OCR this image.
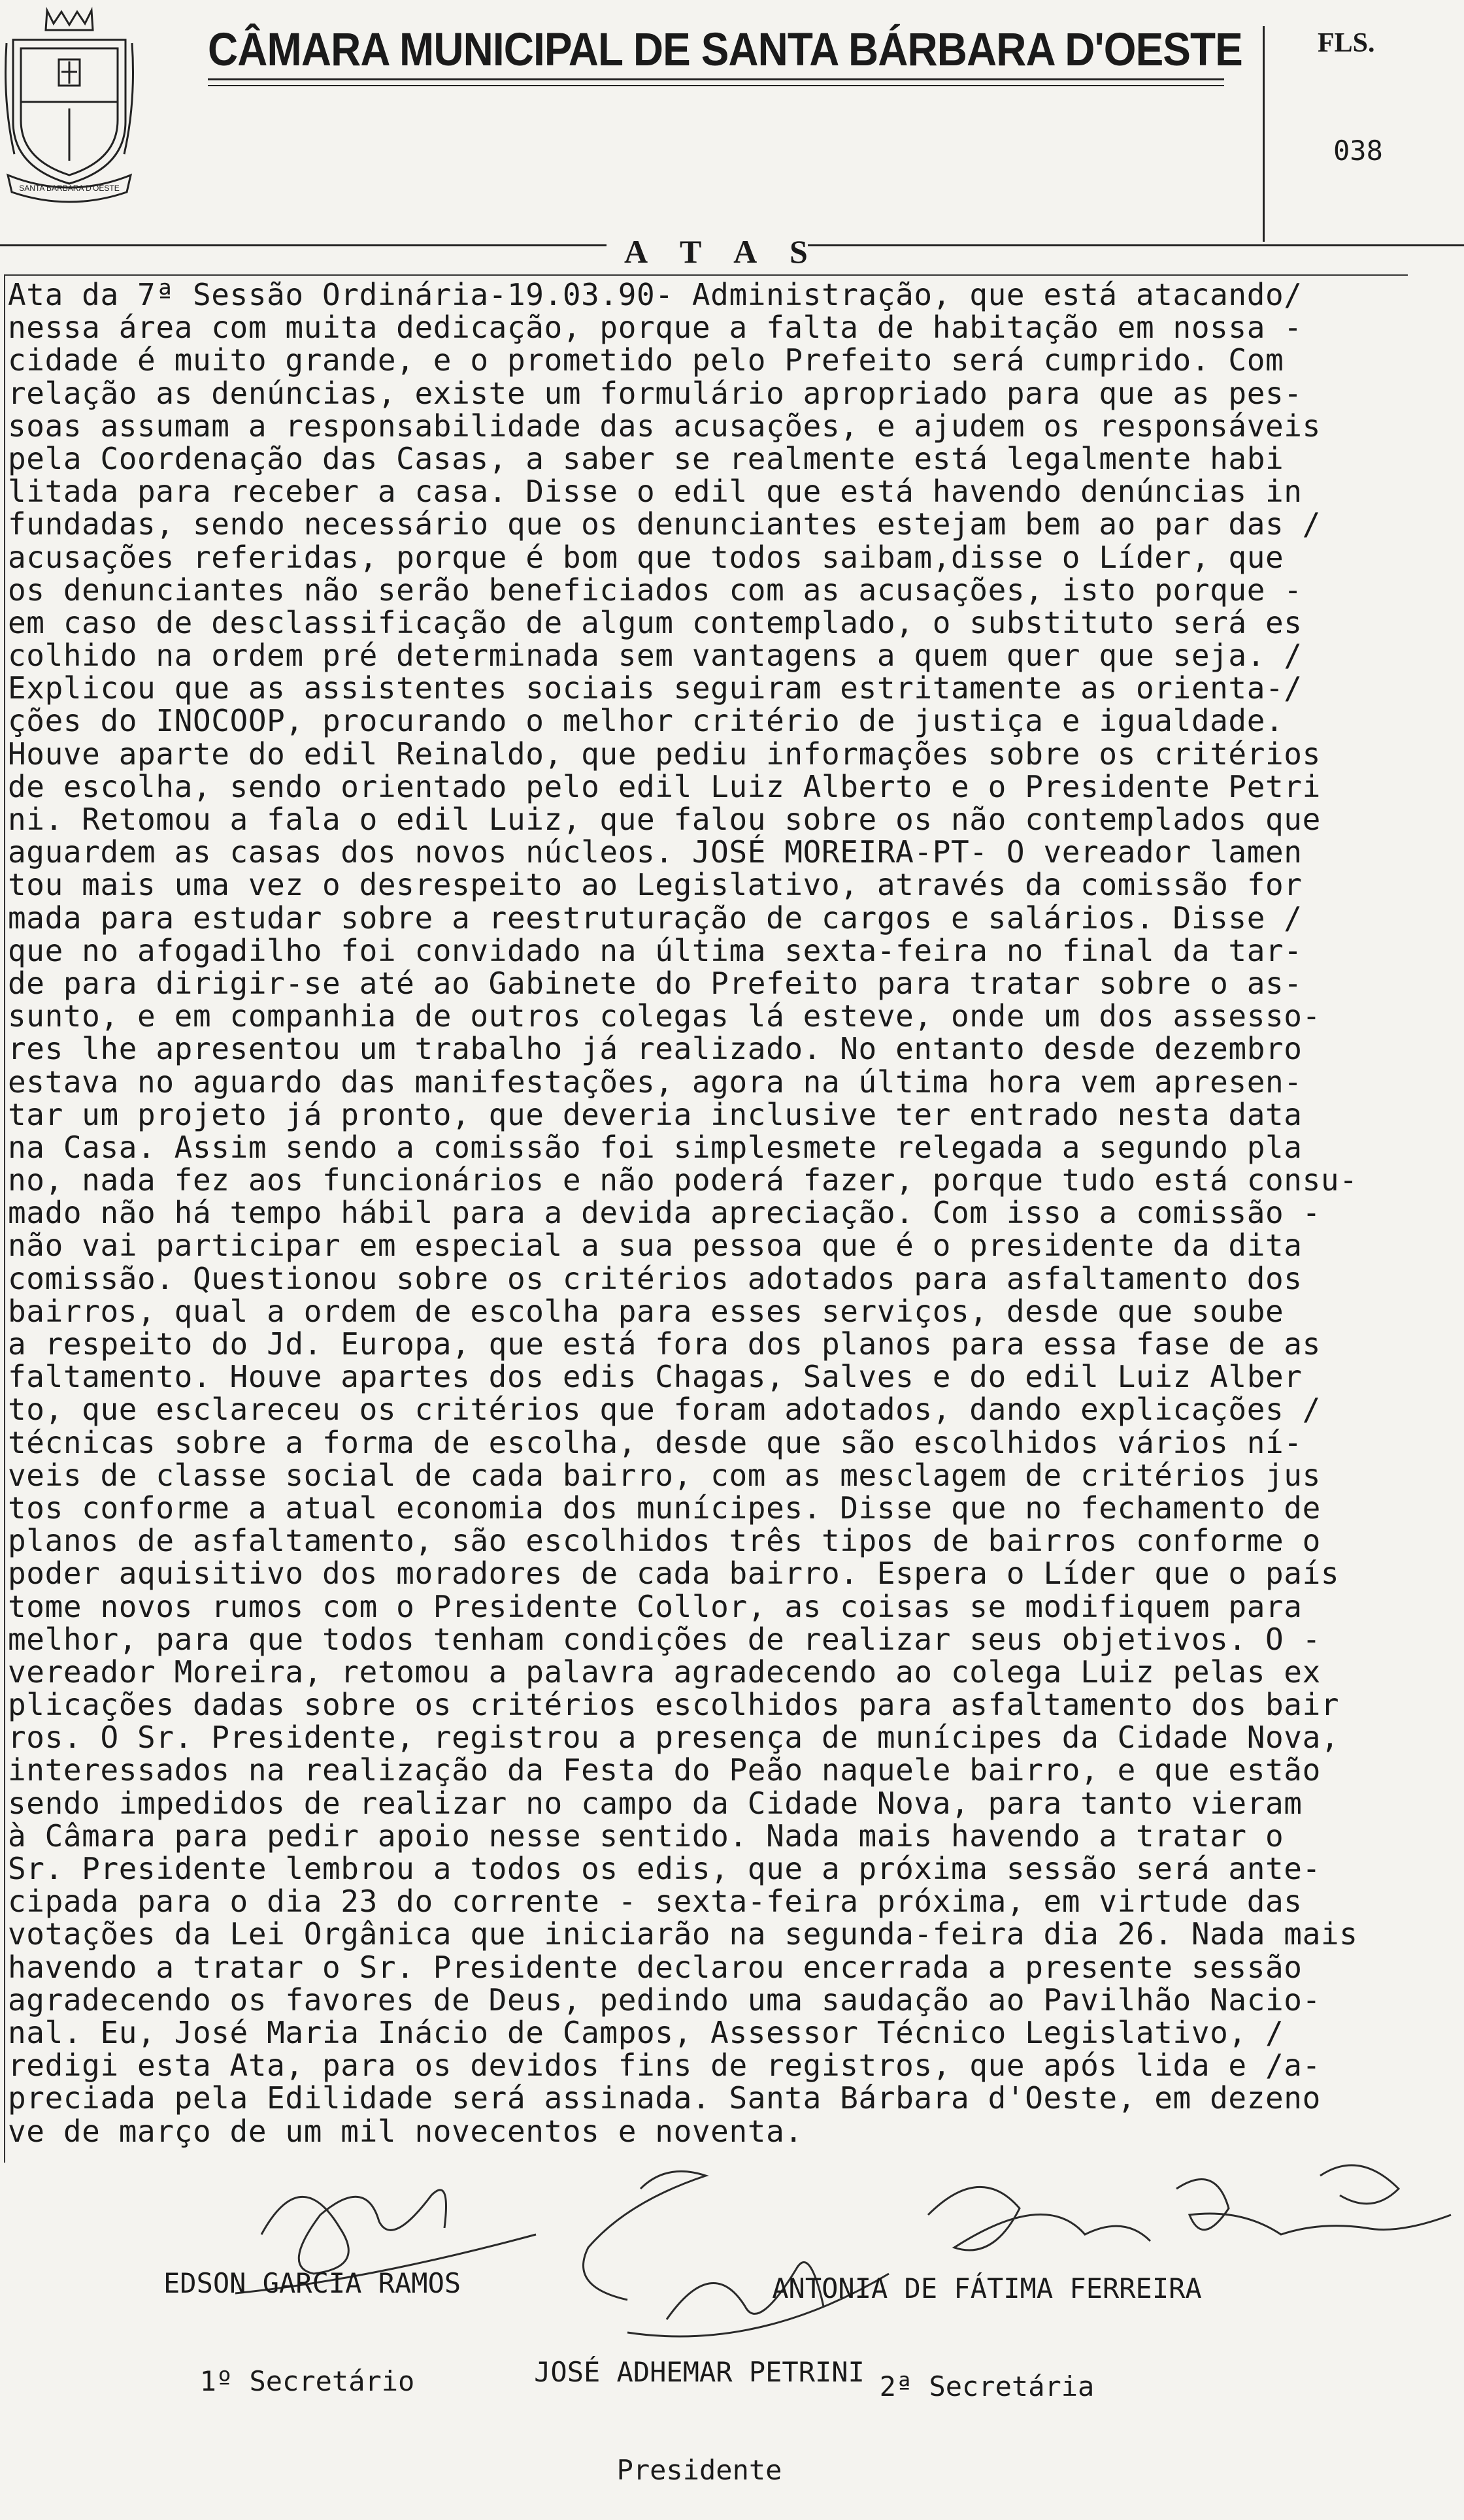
SANTA BARBARA D'OESTE
CÂMARA MUNICIPAL DE SANTA BÁRBARA D'OESTE	FLS.
038
A T A S
Ata da 7ª Sessão Ordinária-19.03.90- Administração, que está atacando/
nessa área com muita dedicação, porque a falta de habitação em nossa -
cidade é muito grande, e o prometido pelo Prefeito será cumprido. Com
relação as denúncias, existe um formulário apropriado para que as pes-
soas assumam a responsabilidade das acusações, e ajudem os responsáveis
pela Coordenação das Casas, a saber se realmente está legalmente habi
litada para receber a casa. Disse o edil que está havendo denúncias in
fundadas, sendo necessário que os denunciantes estejam bem ao par das /
acusações referidas, porque é bom que todos saibam,disse o Líder, que
os denunciantes não serão beneficiados com as acusações, isto porque -
em caso de desclassificação de algum contemplado, o substituto será es
colhido na ordem pré determinada sem vantagens a quem quer que seja. /
Explicou que as assistentes sociais seguiram estritamente as orienta-/
ções do INOCOOP, procurando o melhor critério de justiça e igualdade.
Houve aparte do edil Reinaldo, que pediu informações sobre os critérios
de escolha, sendo orientado pelo edil Luiz Alberto e o Presidente Petri
ni. Retomou a fala o edil Luiz, que falou sobre os não contemplados que
aguardem as casas dos novos núcleos. JOSÉ MOREIRA-PT- O vereador lamen
tou mais uma vez o desrespeito ao Legislativo, através da comissão for
mada para estudar sobre a reestruturação de cargos e salários. Disse /
que no afogadilho foi convidado na última sexta-feira no final da tar-
de para dirigir-se até ao Gabinete do Prefeito para tratar sobre o as-
sunto, e em companhia de outros colegas lá esteve, onde um dos assesso-
res lhe apresentou um trabalho já realizado. No entanto desde dezembro
estava no aguardo das manifestações, agora na última hora vem apresen-
tar um projeto já pronto, que deveria inclusive ter entrado nesta data
na Casa. Assim sendo a comissão foi simplesmete relegada a segundo pla
no, nada fez aos funcionários e não poderá fazer, porque tudo está consu-
mado não há tempo hábil para a devida apreciação. Com isso a comissão -
não vai participar em especial a sua pessoa que é o presidente da dita
comissão. Questionou sobre os critérios adotados para asfaltamento dos
bairros, qual a ordem de escolha para esses serviços, desde que soube
a respeito do Jd. Europa, que está fora dos planos para essa fase de as
faltamento. Houve apartes dos edis Chagas, Salves e do edil Luiz Alber
to, que esclareceu os critérios que foram adotados, dando explicações /
técnicas sobre a forma de escolha, desde que são escolhidos vários ní-
veis de classe social de cada bairro, com as mesclagem de critérios jus
tos conforme a atual economia dos munícipes. Disse que no fechamento de
planos de asfaltamento, são escolhidos três tipos de bairros conforme o
poder aquisitivo dos moradores de cada bairro. Espera o Líder que o país
tome novos rumos com o Presidente Collor, as coisas se modifiquem para
melhor, para que todos tenham condições de realizar seus objetivos. O -
vereador Moreira, retomou a palavra agradecendo ao colega Luiz pelas ex
plicações dadas sobre os critérios escolhidos para asfaltamento dos bair
ros. O Sr. Presidente, registrou a presença de munícipes da Cidade Nova,
interessados na realização da Festa do Peão naquele bairro, e que estão
sendo impedidos de realizar no campo da Cidade Nova, para tanto vieram
à Câmara para pedir apoio nesse sentido. Nada mais havendo a tratar o
Sr. Presidente lembrou a todos os edis, que a próxima sessão será ante-
cipada para o dia 23 do corrente - sexta-feira próxima, em virtude das
votações da Lei Orgânica que iniciarão na segunda-feira dia 26. Nada mais
havendo a tratar o Sr. Presidente declarou encerrada a presente sessão
agradecendo os favores de Deus, pedindo uma saudação ao Pavilhão Nacio-
nal. Eu, José Maria Inácio de Campos, Assessor Técnico Legislativo, /
redigi esta Ata, para os devidos fins de registros, que após lida e /a-
preciada pela Edilidade será assinada. Santa Bárbara d'Oeste, em dezeno
ve de março de um mil novecentos e noventa.

EDSON GARCIA RAMOS

1º Secretário

ANTONIA DE FÁTIMA FERREIRA

2ª Secretária

JOSÉ ADHEMAR PETRINI

Presidente
